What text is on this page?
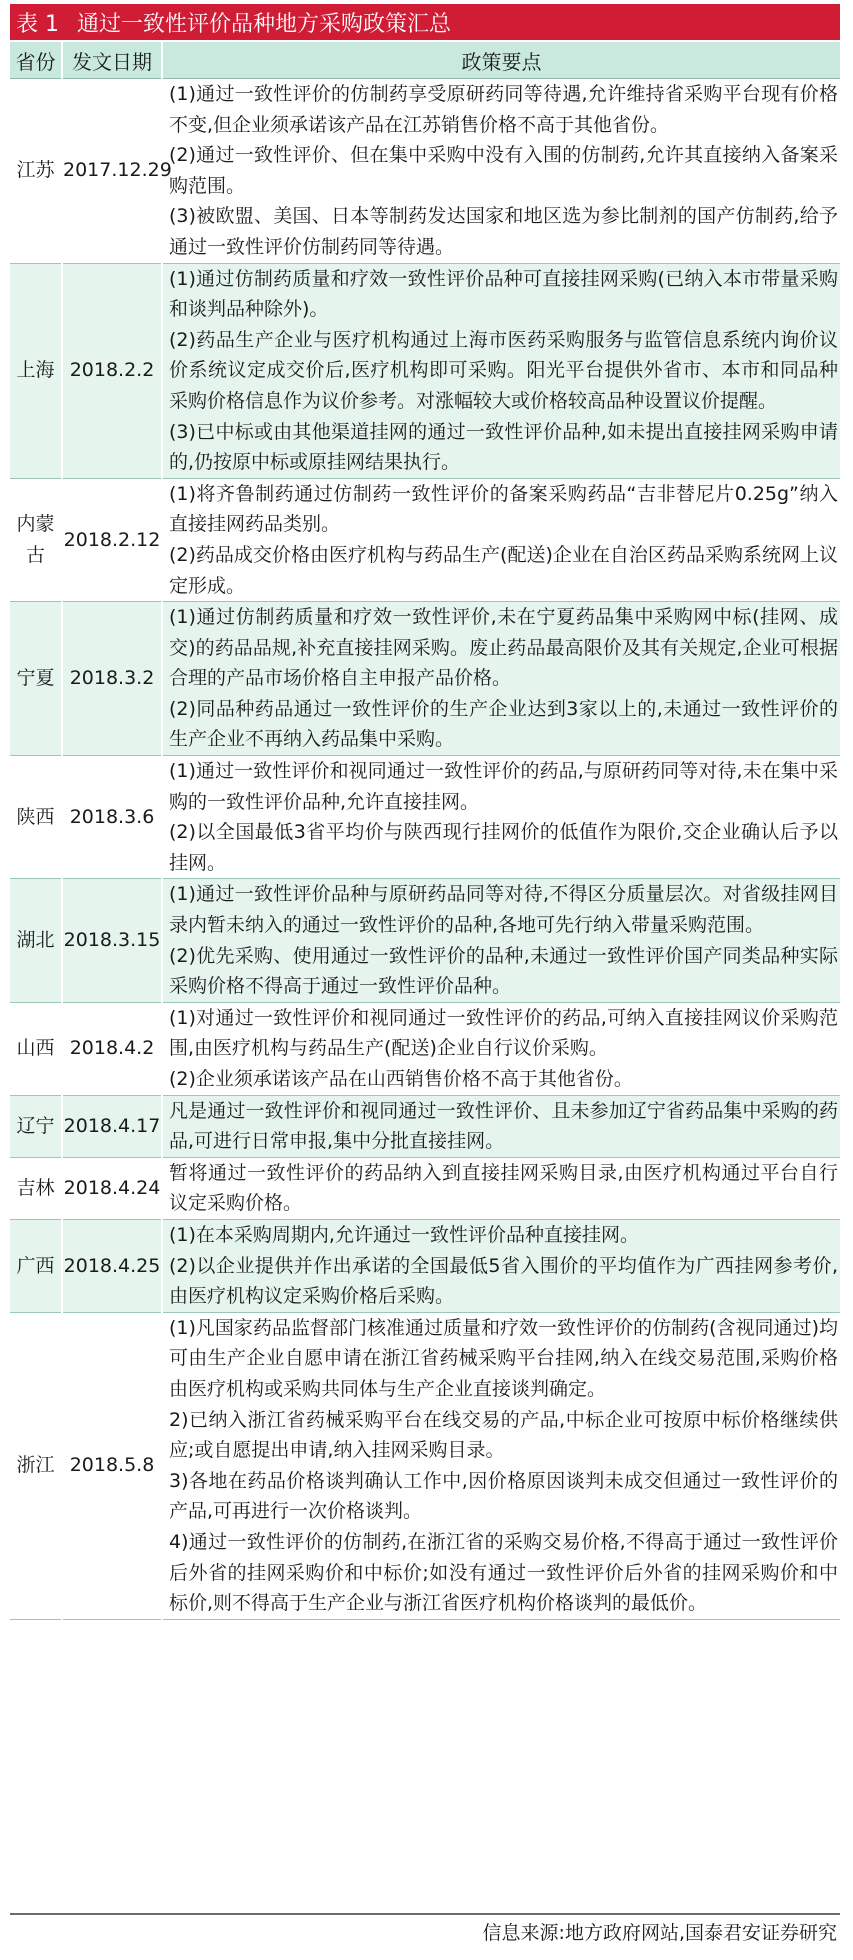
表 1 通过一致性评价品种地方采购政策汇总
省份	发文日期	政策要点
江苏	2017.12.29	(1)通过一致性评价的仿制药享受原研药同等待遇,允许维持省采购平台现有价格不变,但企业须承诺该产品在江苏销售价格不高于其他省份。
(2)通过一致性评价、但在集中采购中没有入围的仿制药,允许其直接纳入备案采购范围。
(3)被欧盟、美国、日本等制药发达国家和地区选为参比制剂的国产仿制药,给予通过一致性评价仿制药同等待遇。

上海	2018.2.2	(1)通过仿制药质量和疗效一致性评价品种可直接挂网采购(已纳入本市带量采购和谈判品种除外)。
(2)药品生产企业与医疗机构通过上海市医药采购服务与监管信息系统内询价议价系统议定成交价后,医疗机构即可采购。阳光平台提供外省市、本市和同品种采购价格信息作为议价参考。对涨幅较大或价格较高品种设置议价提醒。
(3)已中标或由其他渠道挂网的通过一致性评价品种,如未提出直接挂网采购申请的,仍按原中标或原挂网结果执行。

内蒙古	2018.2.12	(1)将齐鲁制药通过仿制药一致性评价的备案采购药品“吉非替尼片0.25g”纳入直接挂网药品类别。
(2)药品成交价格由医疗机构与药品生产(配送)企业在自治区药品采购系统网上议定形成。

宁夏	2018.3.2	(1)通过仿制药质量和疗效一致性评价,未在宁夏药品集中采购网中标(挂网、成交)的药品品规,补充直接挂网采购。废止药品最高限价及其有关规定,企业可根据合理的产品市场价格自主申报产品价格。
(2)同品种药品通过一致性评价的生产企业达到3家以上的,未通过一致性评价的生产企业不再纳入药品集中采购。

陕西	2018.3.6	(1)通过一致性评价和视同通过一致性评价的药品,与原研药同等对待,未在集中采购的一致性评价品种,允许直接挂网。
(2)以全国最低3省平均价与陕西现行挂网价的低值作为限价,交企业确认后予以挂网。

湖北	2018.3.15	(1)通过一致性评价品种与原研药品同等对待,不得区分质量层次。对省级挂网目录内暂未纳入的通过一致性评价的品种,各地可先行纳入带量采购范围。
(2)优先采购、使用通过一致性评价的品种,未通过一致性评价国产同类品种实际采购价格不得高于通过一致性评价品种。

山西	2018.4.2	(1)对通过一致性评价和视同通过一致性评价的药品,可纳入直接挂网议价采购范围,由医疗机构与药品生产(配送)企业自行议价采购。
(2)企业须承诺该产品在山西销售价格不高于其他省份。

辽宁	2018.4.17	凡是通过一致性评价和视同通过一致性评价、且未参加辽宁省药品集中采购的药品,可进行日常申报,集中分批直接挂网。

吉林	2018.4.24	暂将通过一致性评价的药品纳入到直接挂网采购目录,由医疗机构通过平台自行议定采购价格。

广西	2018.4.25	(1)在本采购周期内,允许通过一致性评价品种直接挂网。
(2)以企业提供并作出承诺的全国最低5省入围价的平均值作为广西挂网参考价,由医疗机构议定采购价格后采购。

浙江	2018.5.8	(1)凡国家药品监督部门核准通过质量和疗效一致性评价的仿制药(含视同通过)均可由生产企业自愿申请在浙江省药械采购平台挂网,纳入在线交易范围,采购价格由医疗机构或采购共同体与生产企业直接谈判确定。
2)已纳入浙江省药械采购平台在线交易的产品,中标企业可按原中标价格继续供应;或自愿提出申请,纳入挂网采购目录。
3)各地在药品价格谈判确认工作中,因价格原因谈判未成交但通过一致性评价的产品,可再进行一次价格谈判。
4)通过一致性评价的仿制药,在浙江省的采购交易价格,不得高于通过一致性评价后外省的挂网采购价和中标价;如没有通过一致性评价后外省的挂网采购价和中标价,则不得高于生产企业与浙江省医疗机构价格谈判的最低价。
信息来源:地方政府网站,国泰君安证券研究
